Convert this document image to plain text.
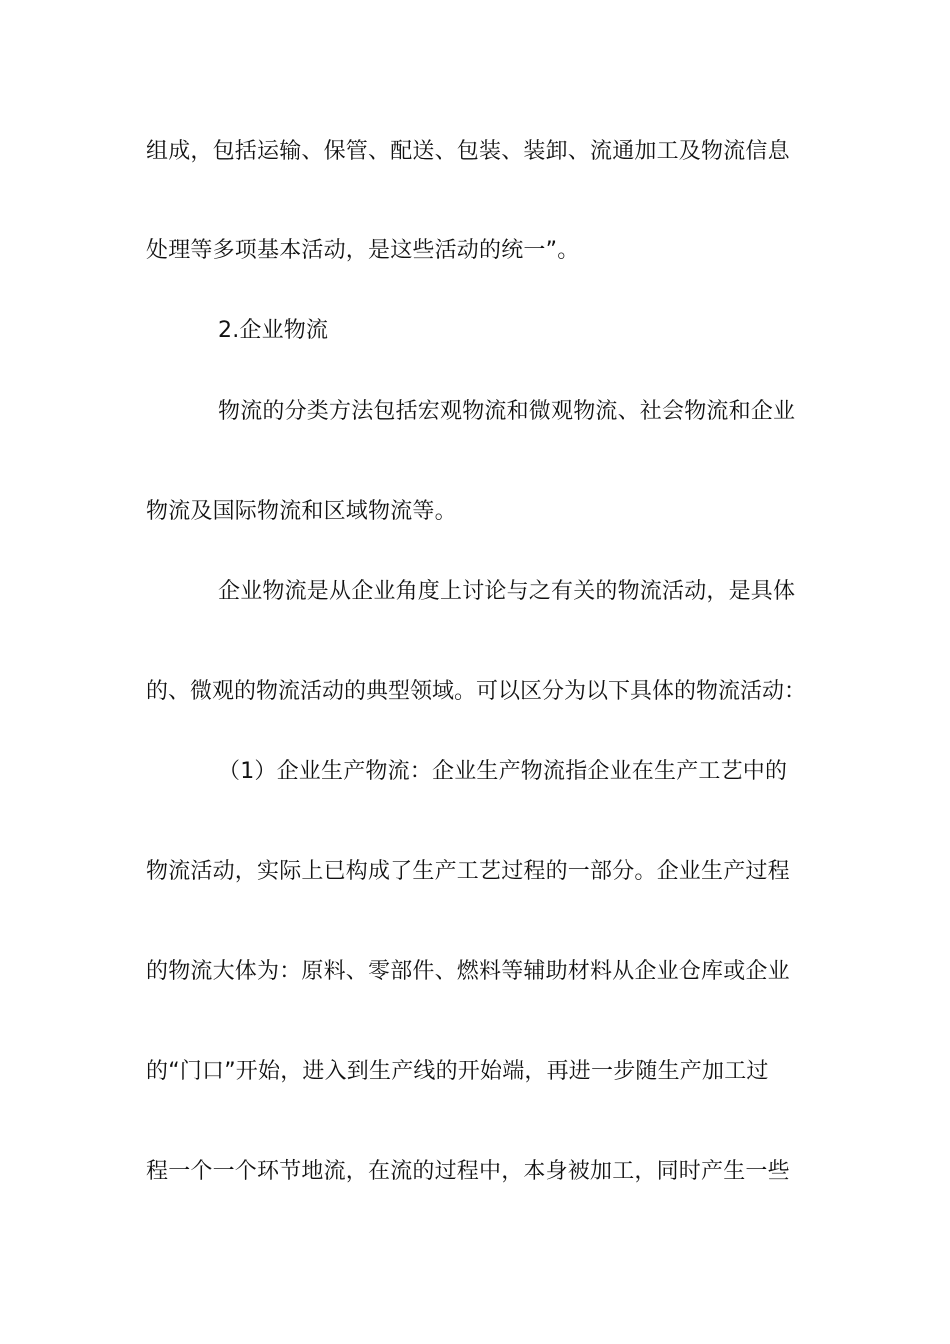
组成，包括运输、保管、配送、包装、装卸、流通加工及物流信息
处理等多项基本活动，是这些活动的统一”。
2.企业物流
物流的分类方法包括宏观物流和微观物流、社会物流和企业
物流及国际物流和区域物流等。
企业物流是从企业角度上讨论与之有关的物流活动，是具体
的、微观的物流活动的典型领域。可以区分为以下具体的物流活动：
（1）企业生产物流：企业生产物流指企业在生产工艺中的
物流活动，实际上已构成了生产工艺过程的一部分。企业生产过程
的物流大体为：原料、零部件、燃料等辅助材料从企业仓库或企业
的“门口”开始，进入到生产线的开始端，再进一步随生产加工过
程一个一个环节地流，在流的过程中，本身被加工，同时产生一些
